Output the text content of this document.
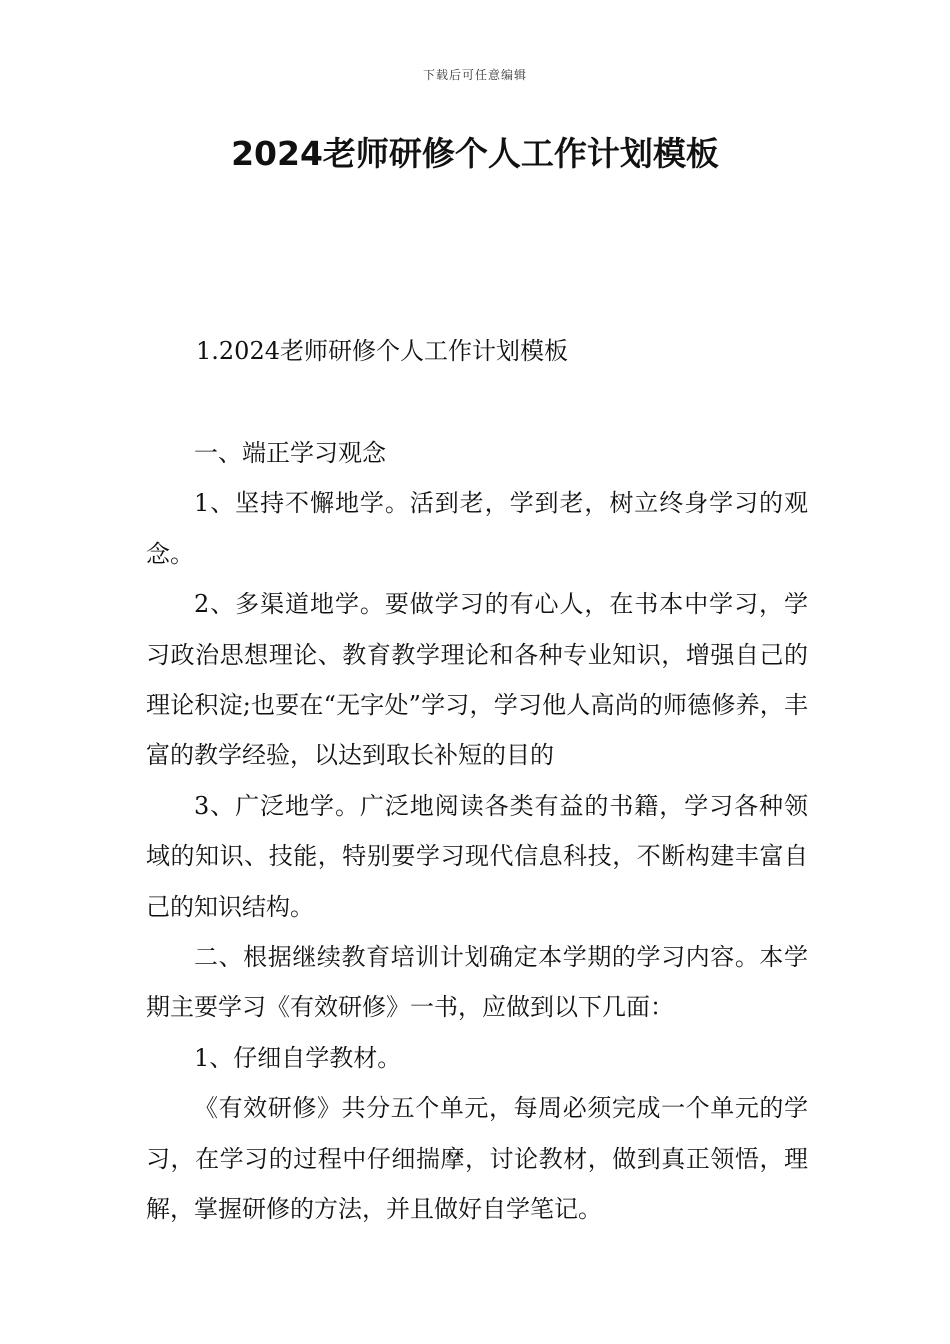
下载后可任意编辑
2024老师研修个人工作计划模板
1.2024老师研修个人工作计划模板

一、端正学习观念

1、坚持不懈地学。活到老，学到老，树立终身学习的观念。

2、多渠道地学。要做学习的有心人，在书本中学习，学习政治思想理论、教育教学理论和各种专业知识，增强自己的理论积淀;也要在“无字处”学习，学习他人高尚的师德修养，丰富的教学经验，以达到取长补短的目的

3、广泛地学。广泛地阅读各类有益的书籍，学习各种领域的知识、技能，特别要学习现代信息科技，不断构建丰富自己的知识结构。

二、根据继续教育培训计划确定本学期的学习内容。本学期主要学习《有效研修》一书，应做到以下几面：

1、仔细自学教材。

《有效研修》共分五个单元，每周必须完成一个单元的学习，在学习的过程中仔细揣摩，讨论教材，做到真正领悟，理解，掌握研修的方法，并且做好自学笔记。
